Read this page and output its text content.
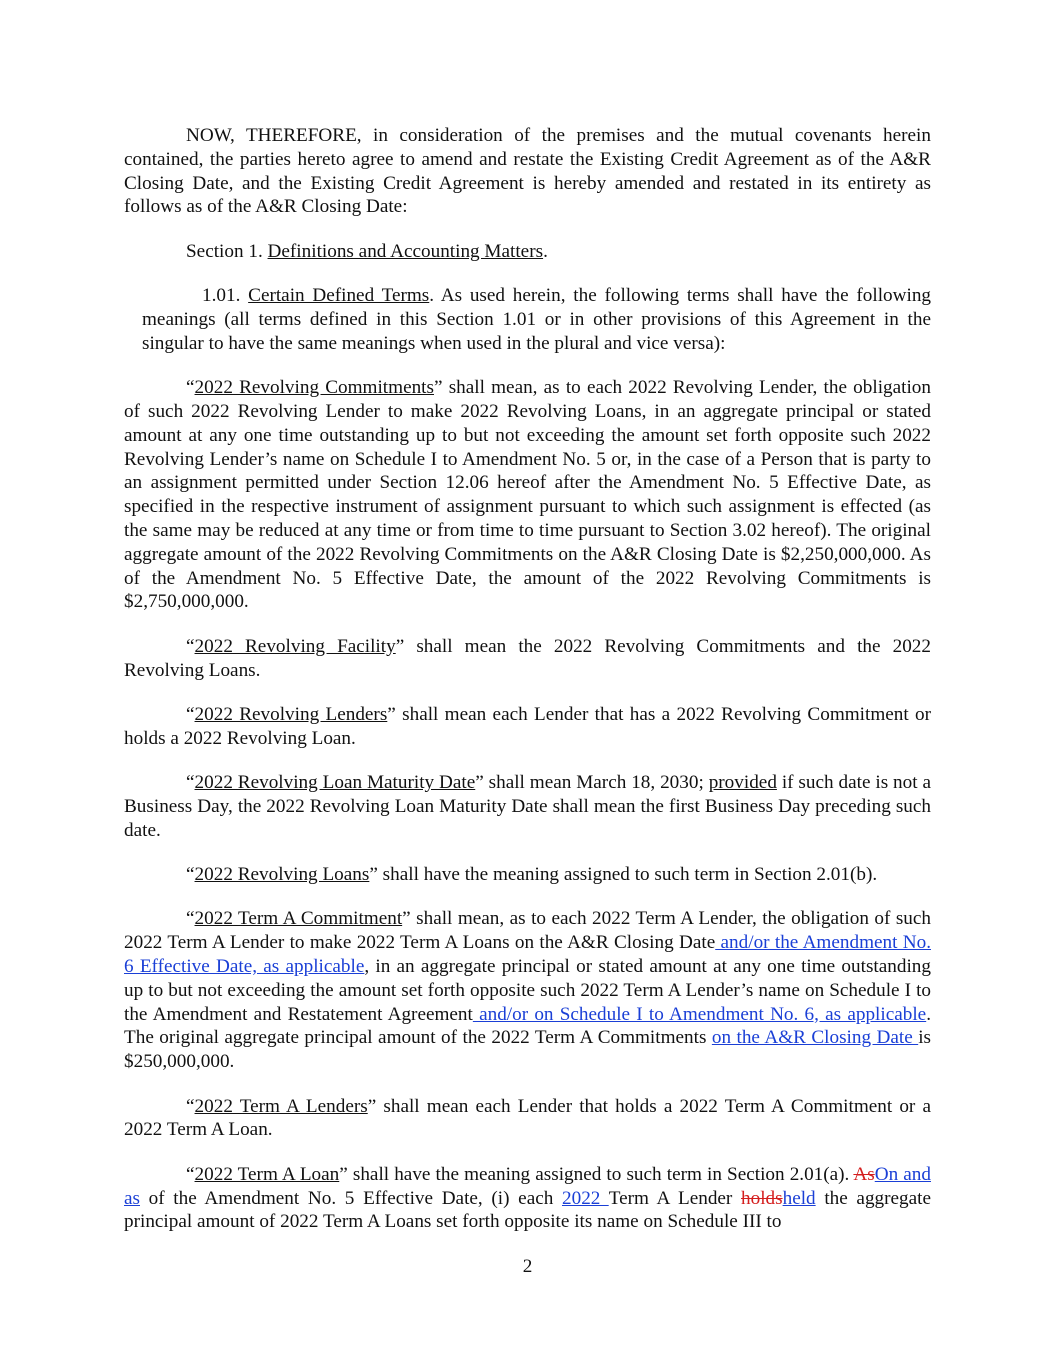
NOW, THEREFORE, in consideration of the premises and the mutual covenants herein contained, the parties hereto agree to amend and restate the Existing Credit Agreement as of the A&R Closing Date, and the Existing Credit Agreement is hereby amended and restated in its entirety as follows as of the A&R Closing Date:

Section 1. Definitions and Accounting Matters.

1.01. Certain Defined Terms. As used herein, the following terms shall have the following meanings (all terms defined in this Section 1.01 or in other provisions of this Agreement in the singular to have the same meanings when used in the plural and vice versa):

“2022 Revolving Commitments” shall mean, as to each 2022 Revolving Lender, the obligation of such 2022 Revolving Lender to make 2022 Revolving Loans, in an aggregate principal or stated amount at any one time outstanding up to but not exceeding the amount set forth opposite such 2022 Revolving Lender’s name on Schedule I to Amendment No. 5 or, in the case of a Person that is party to an assignment permitted under Section 12.06 hereof after the Amendment No. 5 Effective Date, as specified in the respective instrument of assignment pursuant to which such assignment is effected (as the same may be reduced at any time or from time to time pursuant to Section 3.02 hereof). The original aggregate amount of the 2022 Revolving Commitments on the A&R Closing Date is $2,250,000,000. As of the Amendment No. 5 Effective Date, the amount of the 2022 Revolving Commitments is $2,750,000,000.

“2022 Revolving Facility” shall mean the 2022 Revolving Commitments and the 2022 Revolving Loans.

“2022 Revolving Lenders” shall mean each Lender that has a 2022 Revolving Commitment or holds a 2022 Revolving Loan.

“2022 Revolving Loan Maturity Date” shall mean March 18, 2030; provided if such date is not a Business Day, the 2022 Revolving Loan Maturity Date shall mean the first Business Day preceding such date.

“2022 Revolving Loans” shall have the meaning assigned to such term in Section 2.01(b).

“2022 Term A Commitment” shall mean, as to each 2022 Term A Lender, the obligation of such 2022 Term A Lender to make 2022 Term A Loans on the A&R Closing Date and/or the Amendment No. 6 Effective Date, as applicable, in an aggregate principal or stated amount at any one time outstanding up to but not exceeding the amount set forth opposite such 2022 Term A Lender’s name on Schedule I to the Amendment and Restatement Agreement and/or on Schedule I to Amendment No. 6, as applicable. The original aggregate principal amount of the 2022 Term A Commitments on the A&R Closing Date is $250,000,000.

“2022 Term A Lenders” shall mean each Lender that holds a 2022 Term A Commitment or a 2022 Term A Loan.

“2022 Term A Loan” shall have the meaning assigned to such term in Section 2.01(a). AsOn and as of the Amendment No. 5 Effective Date, (i) each 2022 Term A Lender holdsheld the aggregate principal amount of 2022 Term A Loans set forth opposite its name on Schedule III to

2
